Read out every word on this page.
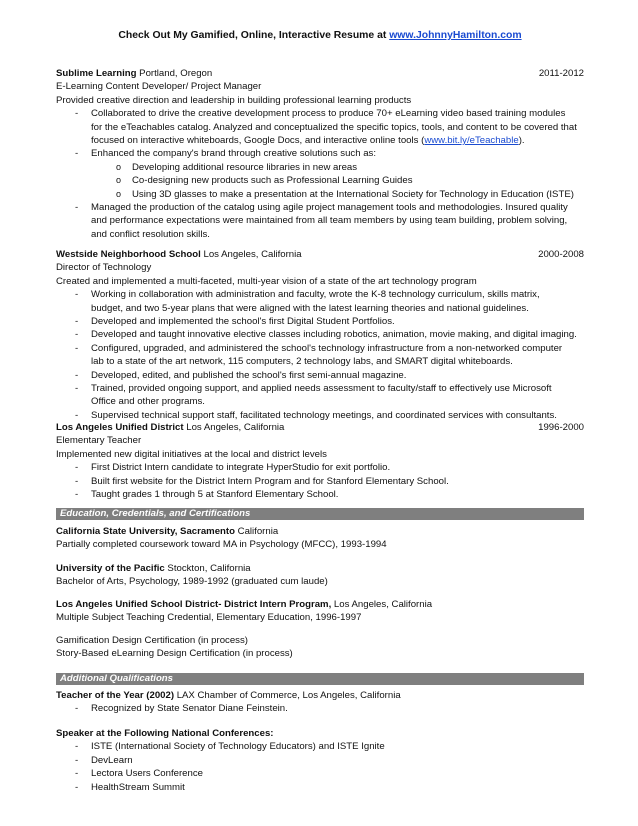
Check Out My Gamified, Online, Interactive Resume at www.JohnnyHamilton.com
Sublime Learning Portland, Oregon	2011-2012
E-Learning Content Developer/ Project Manager
Provided creative direction and leadership in building professional learning products
- Collaborated to drive the creative development process to produce 70+ eLearning video based training modules
for the eTeachables catalog. Analyzed and conceptualized the specific topics, tools, and content to be covered that
focused on interactive whiteboards, Google Docs, and interactive online tools (www.bit.ly/eTeachable).
- Enhanced the company's brand through creative solutions such as:
o Developing additional resource libraries in new areas
o Co-designing new products such as Professional Learning Guides
o Using 3D glasses to make a presentation at the International Society for Technology in Education (ISTE)
- Managed the production of the catalog using agile project management tools and methodologies. Insured quality
and performance expectations were maintained from all team members by using team building, problem solving,
and conflict resolution skills.
Westside Neighborhood School Los Angeles, California	2000-2008
Director of Technology
Created and implemented a multi-faceted, multi-year vision of a state of the art technology program
- Working in collaboration with administration and faculty, wrote the K-8 technology curriculum, skills matrix,
budget, and two 5-year plans that were aligned with the latest learning theories and national guidelines.
- Developed and implemented the school's first Digital Student Portfolios.
- Developed and taught innovative elective classes including robotics, animation, movie making, and digital imaging.
- Configured, upgraded, and administered the school's technology infrastructure from a non-networked computer
lab to a state of the art network, 115 computers, 2 technology labs, and SMART digital whiteboards.
- Developed, edited, and published the school's first semi-annual magazine.
- Trained, provided ongoing support, and applied needs assessment to faculty/staff to effectively use Microsoft
Office and other programs.
- Supervised technical support staff, facilitated technology meetings, and coordinated services with consultants.
Los Angeles Unified District Los Angeles, California	1996-2000
Elementary Teacher
Implemented new digital initiatives at the local and district levels
- First District Intern candidate to integrate HyperStudio for exit portfolio.
- Built first website for the District Intern Program and for Stanford Elementary School.
- Taught grades 1 through 5 at Stanford Elementary School.
Education, Credentials, and Certifications
California State University, Sacramento California
Partially completed coursework toward MA in Psychology (MFCC), 1993-1994
University of the Pacific Stockton, California
Bachelor of Arts, Psychology, 1989-1992 (graduated cum laude)
Los Angeles Unified School District- District Intern Program, Los Angeles, California
Multiple Subject Teaching Credential, Elementary Education, 1996-1997
Gamification Design Certification (in process)
Story-Based eLearning Design Certification (in process)
Additional Qualifications
Teacher of the Year (2002) LAX Chamber of Commerce, Los Angeles, California
- Recognized by State Senator Diane Feinstein.
Speaker at the Following National Conferences:
- ISTE (International Society of Technology Educators) and ISTE Ignite
- DevLearn
- Lectora Users Conference
- HealthStream Summit
